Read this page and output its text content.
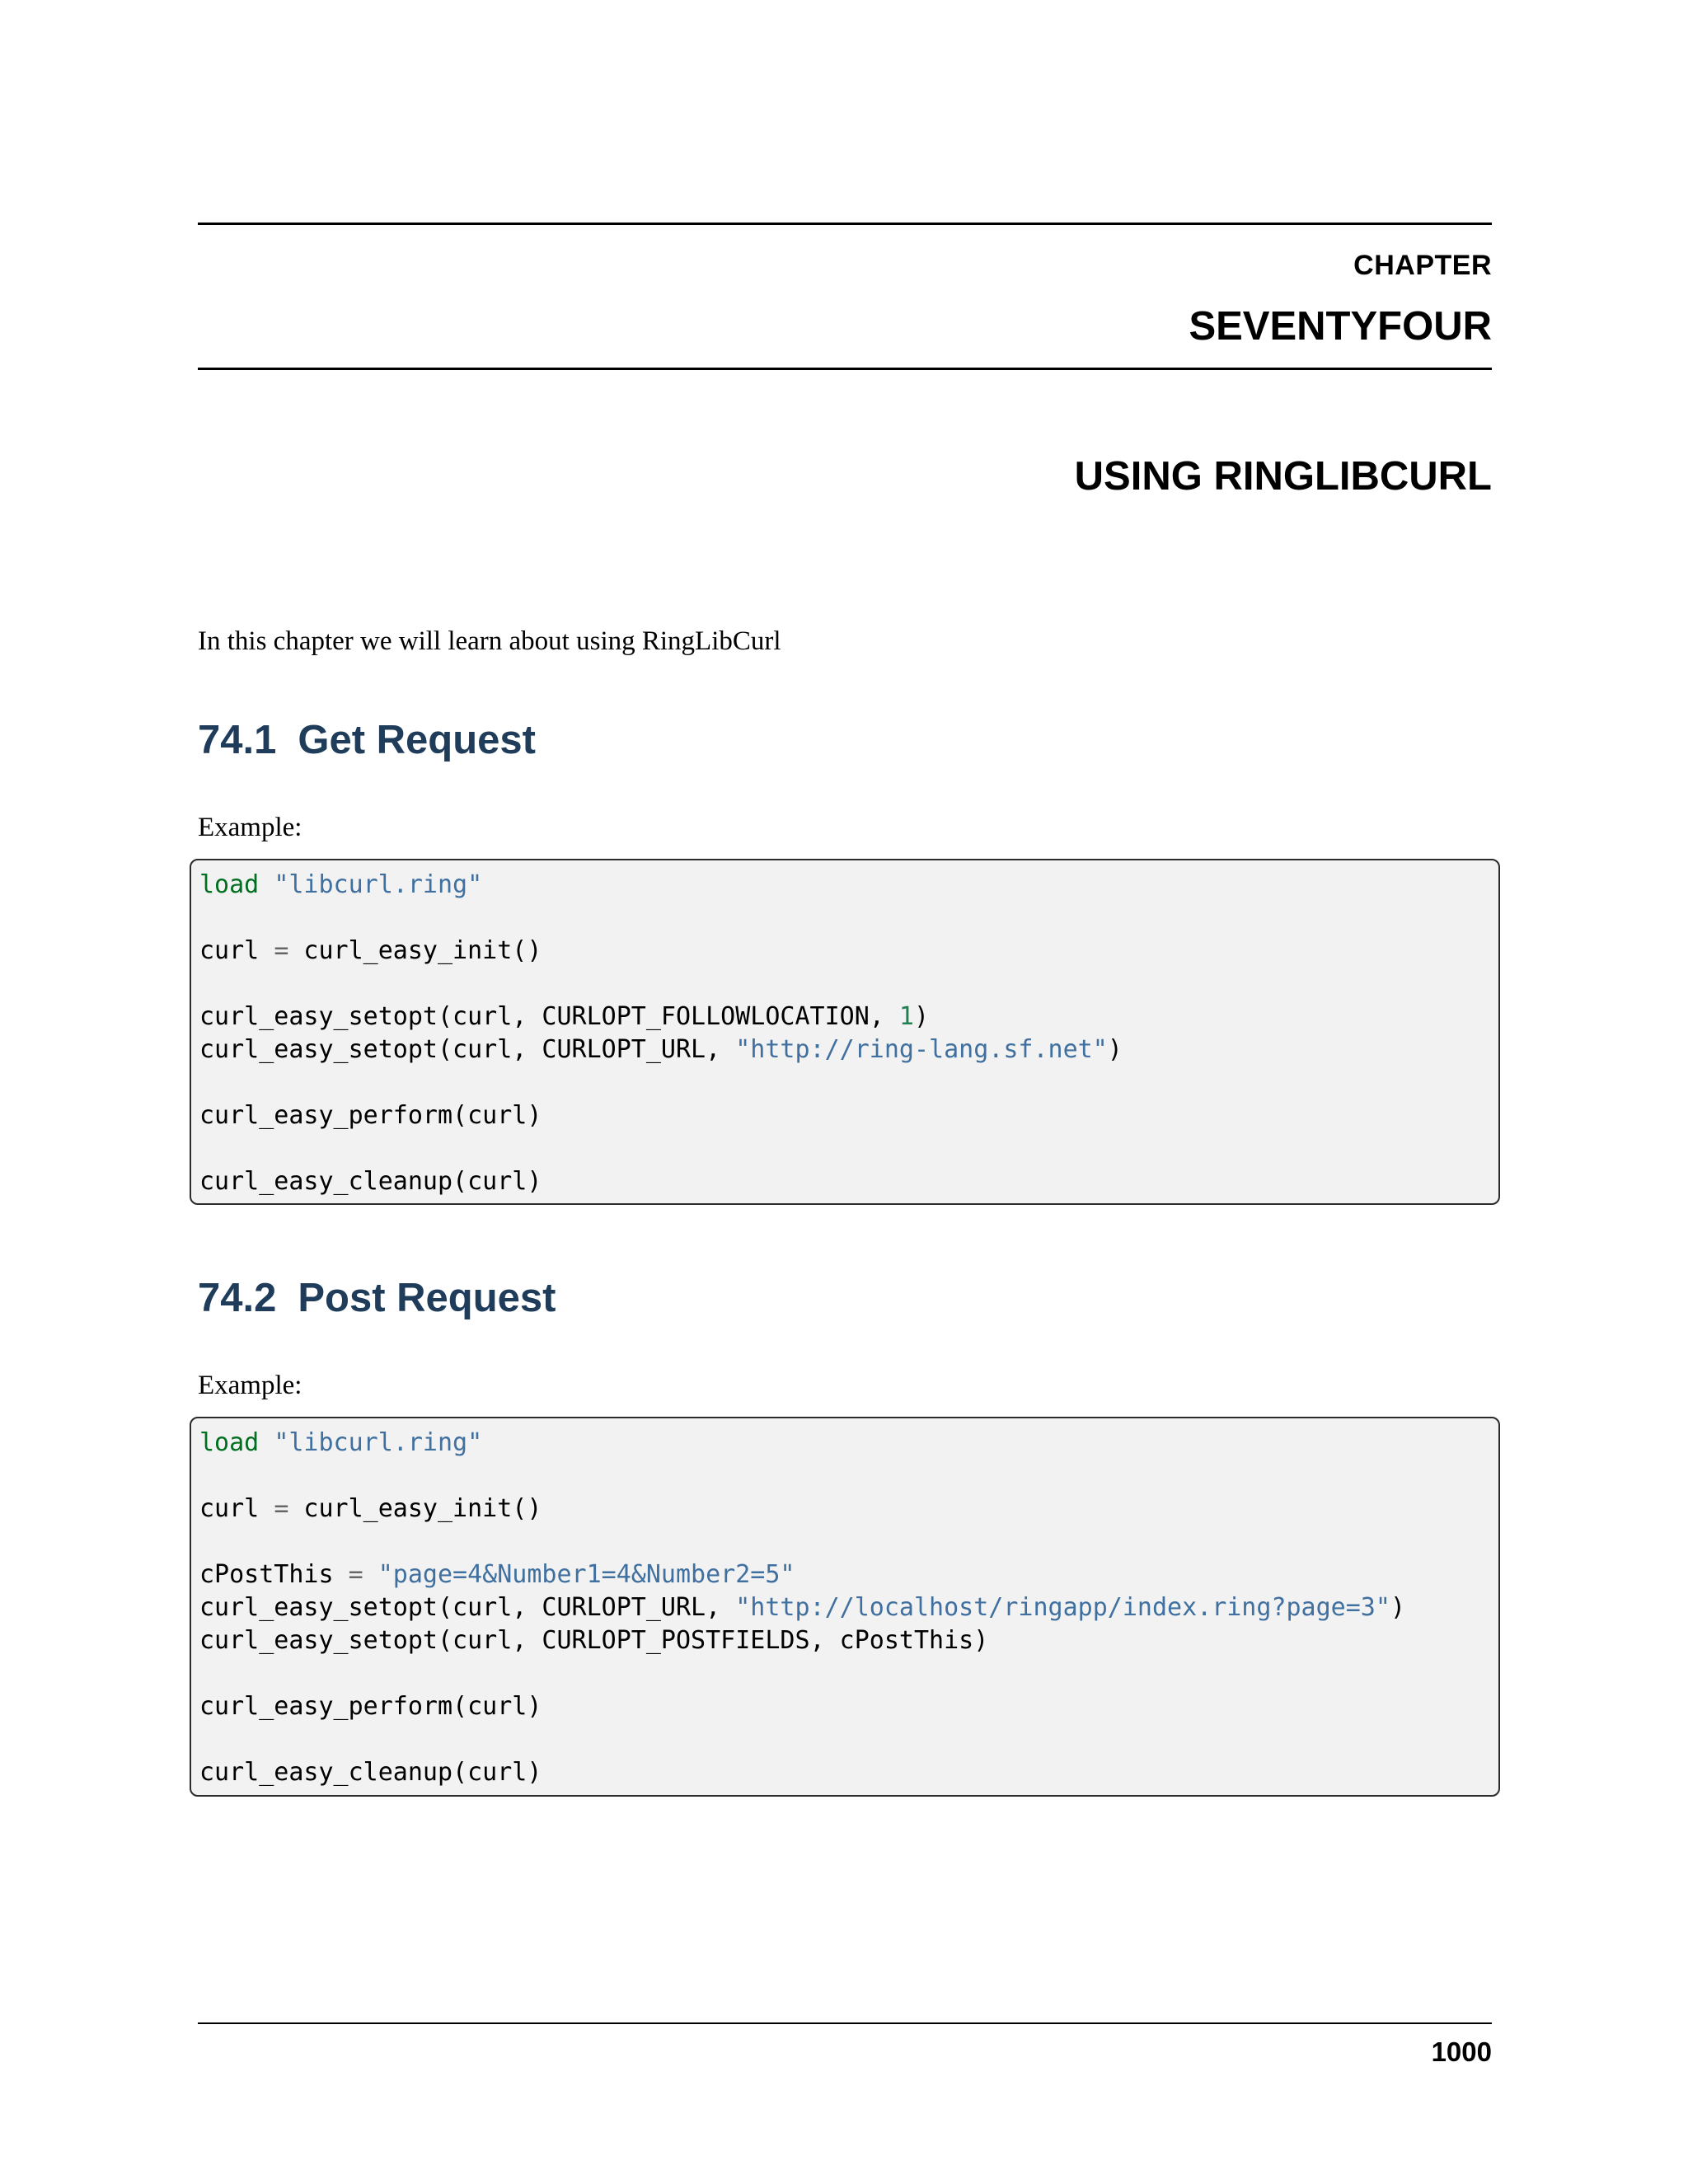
CHAPTER
SEVENTYFOUR
USING RINGLIBCURL
In this chapter we will learn about using RingLibCurl
74.1 Get Request
Example:
load "libcurl.ring"
curl = curl_easy_init()
curl_easy_setopt(curl, CURLOPT_FOLLOWLOCATION, 1)
curl_easy_setopt(curl, CURLOPT_URL, "http://ring-lang.sf.net")
curl_easy_perform(curl)
curl_easy_cleanup(curl)
74.2 Post Request
Example:
load "libcurl.ring"
curl = curl_easy_init()
cPostThis = "page=4&Number1=4&Number2=5"
curl_easy_setopt(curl, CURLOPT_URL, "http://localhost/ringapp/index.ring?page=3")
curl_easy_setopt(curl, CURLOPT_POSTFIELDS, cPostThis)
curl_easy_perform(curl)
curl_easy_cleanup(curl)
1000
